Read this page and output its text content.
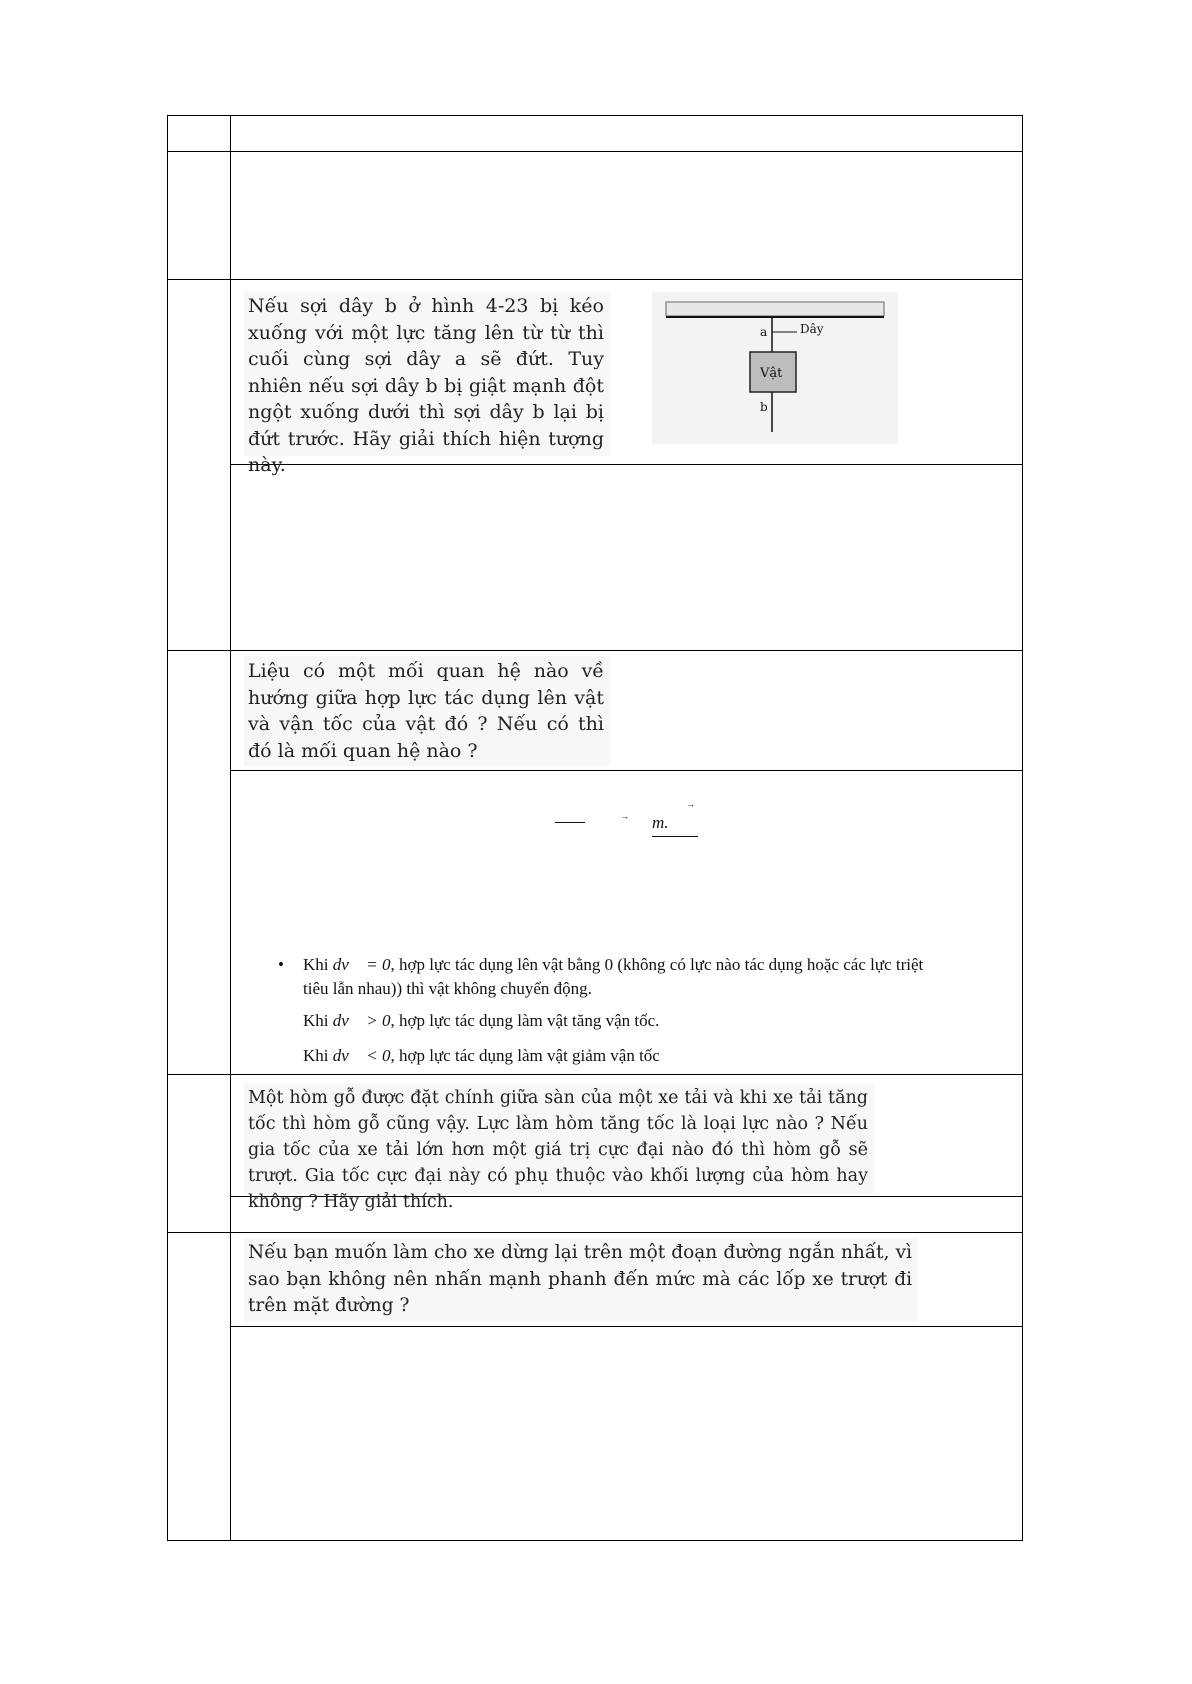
Nếu sợi dây b ở hình 4-23 bị kéo xuống với một lực tăng lên từ từ thì cuối cùng sợi dây a sẽ đứt. Tuy nhiên nếu sợi dây b bị giật mạnh đột ngột xuống dưới thì sợi dây b lại bị đứt trước. Hãy giải thích hiện tượng này.

a	Dây
Vật
b

Liệu có một mối quan hệ nào về hướng giữa hợp lực tác dụng lên vật và vận tốc của vật đó ? Nếu có thì đó là mối quan hệ nào ?

→ m.
→
• Khi dv⃗ = 0, hợp lực tác dụng lên vật bằng 0 (không có lực nào tác dụng hoặc các lực triệt
tiêu lẫn nhau)) thì vật không chuyển động.
Khi dv⃗ > 0, hợp lực tác dụng làm vật tăng vận tốc.
Khi dv⃗ < 0, hợp lực tác dụng làm vật giảm vận tốc

Một hòm gỗ được đặt chính giữa sàn của một xe tải và khi xe tải tăng tốc thì hòm gỗ cũng vậy. Lực làm hòm tăng tốc là loại lực nào ? Nếu gia tốc của xe tải lớn hơn một giá trị cực đại nào đó thì hòm gỗ sẽ trượt. Gia tốc cực đại này có phụ thuộc vào khối lượng của hòm hay không ? Hãy giải thích.

Nếu bạn muốn làm cho xe dừng lại trên một đoạn đường ngắn nhất, vì sao bạn không nên nhấn mạnh phanh đến mức mà các lốp xe trượt đi trên mặt đường ?
